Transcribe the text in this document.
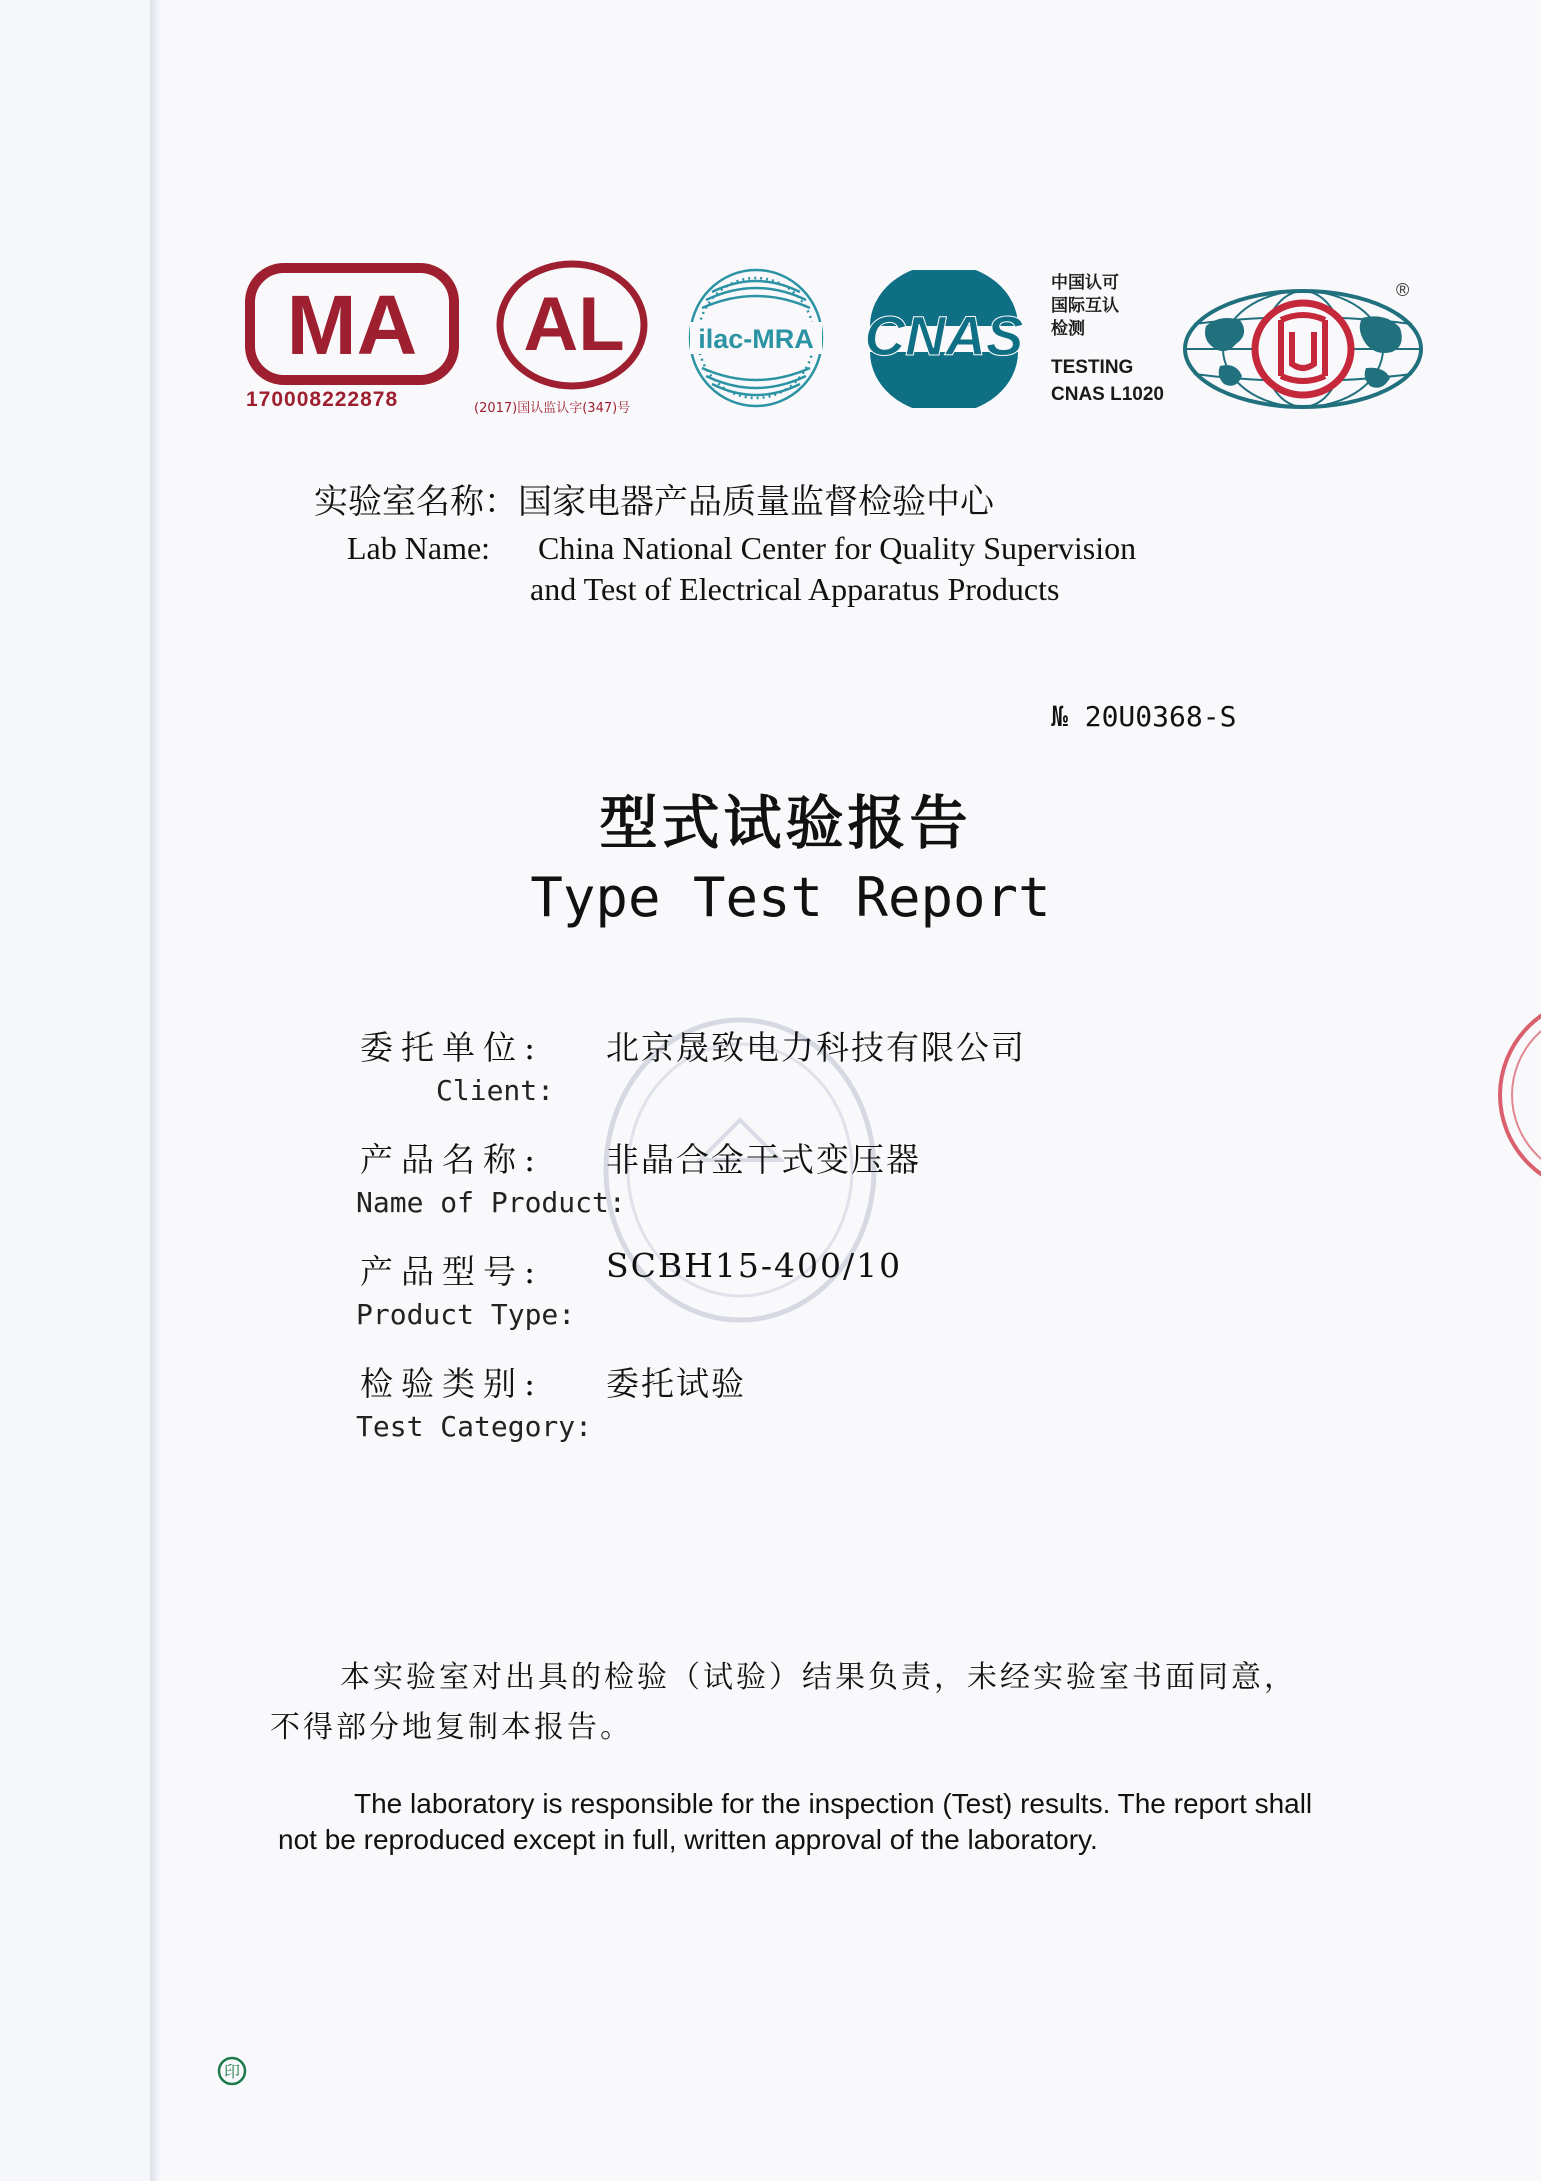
MA
170008222878
AL
(2017)国认监认字(347)号
ilac-MRA CNAS
中国认可
国际互认
检测
TESTING
CNAS L1020
®
实验室名称：国家电器产品质量监督检验中心
Lab Name: China National Center for Quality Supervision
and Test of Electrical Apparatus Products
№ 20U0368-S
型式试验报告
Type Test Report
委托单位:
Client:
北京晟致电力科技有限公司
产品名称:
Name of Product:
非晶合金干式变压器
产品型号:
Product Type:
SCBH15-400/10
检验类别:
Test Category:
委托试验
本实验室对出具的检验（试验）结果负责，未经实验室书面同意，
不得部分地复制本报告。
The laboratory is responsible for the inspection (Test) results. The report shall
not be reproduced except in full, written approval of the laboratory.
印
